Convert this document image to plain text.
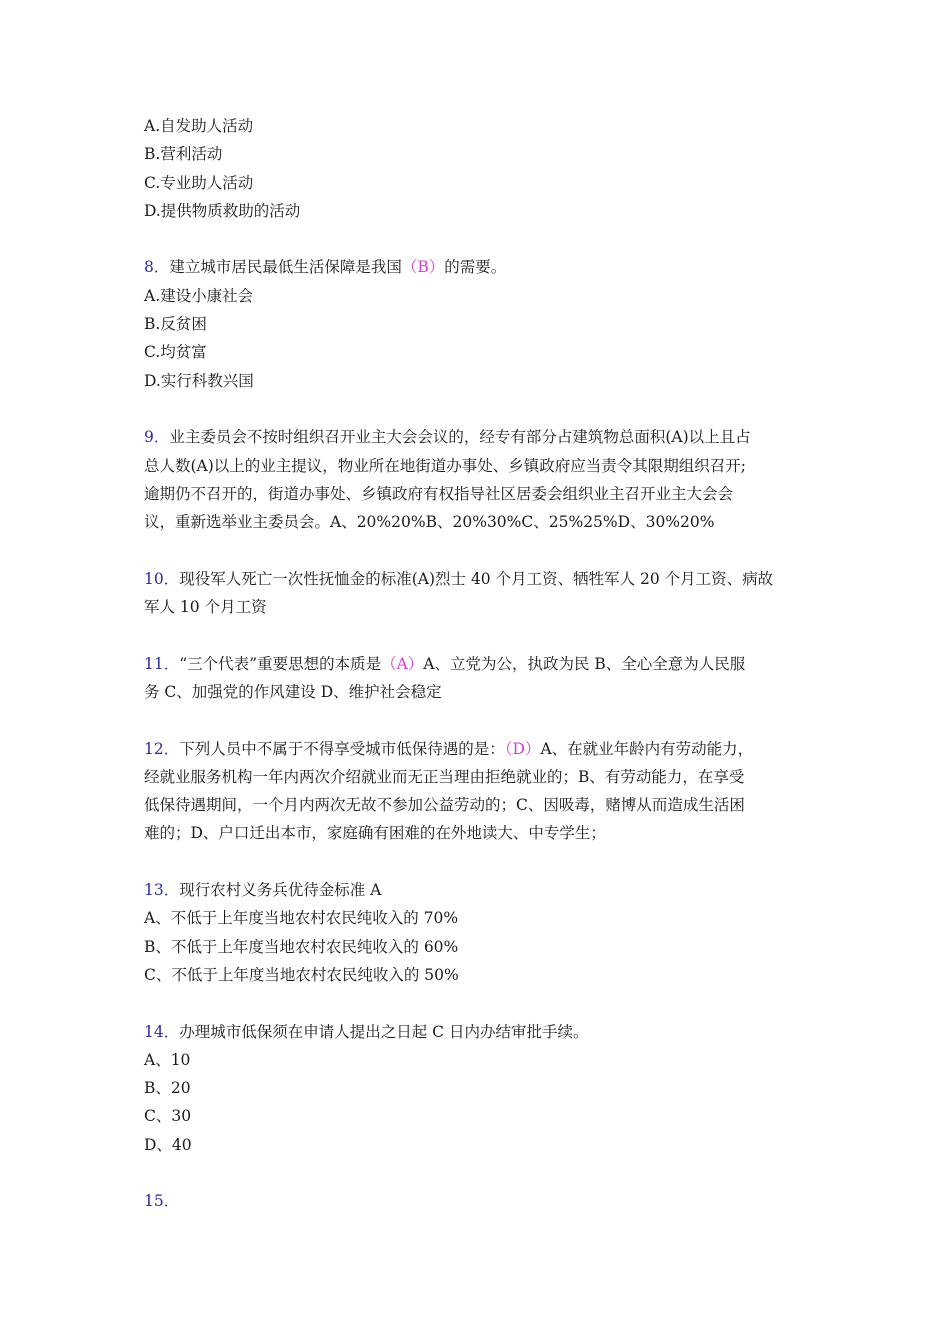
A.自发助人活动
B.营利活动
C.专业助人活动
D.提供物质救助的活动
8．建立城市居民最低生活保障是我国（B）的需要。
A.建设小康社会
B.反贫困
C.均贫富
D.实行科教兴国
9．业主委员会不按时组织召开业主大会会议的，经专有部分占建筑物总面积(A)以上且占
总人数(A)以上的业主提议，物业所在地街道办事处、乡镇政府应当责令其限期组织召开;
逾期仍不召开的，街道办事处、乡镇政府有权指导社区居委会组织业主召开业主大会会
议，重新选举业主委员会。A、20%20%B、20%30%C、25%25%D、30%20%
10．现役军人死亡一次性抚恤金的标准(A)烈士 40 个月工资、牺牲军人 20 个月工资、病故
军人 10 个月工资
11．“三个代表”重要思想的本质是（A）A、立党为公，执政为民 B、全心全意为人民服
务 C、加强党的作风建设 D、维护社会稳定
12．下列人员中不属于不得享受城市低保待遇的是：（D）A、在就业年龄内有劳动能力，
经就业服务机构一年内两次介绍就业而无正当理由拒绝就业的；B、有劳动能力，在享受
低保待遇期间，一个月内两次无故不参加公益劳动的；C、因吸毒，赌博从而造成生活困
难的；D、户口迁出本市，家庭确有困难的在外地读大、中专学生；
13．现行农村义务兵优待金标准 A
A、不低于上年度当地农村农民纯收入的 70%
B、不低于上年度当地农村农民纯收入的 60%
C、不低于上年度当地农村农民纯收入的 50%
14．办理城市低保须在申请人提出之日起 C 日内办结审批手续。
A、10
B、20
C、30
D、40
15．
